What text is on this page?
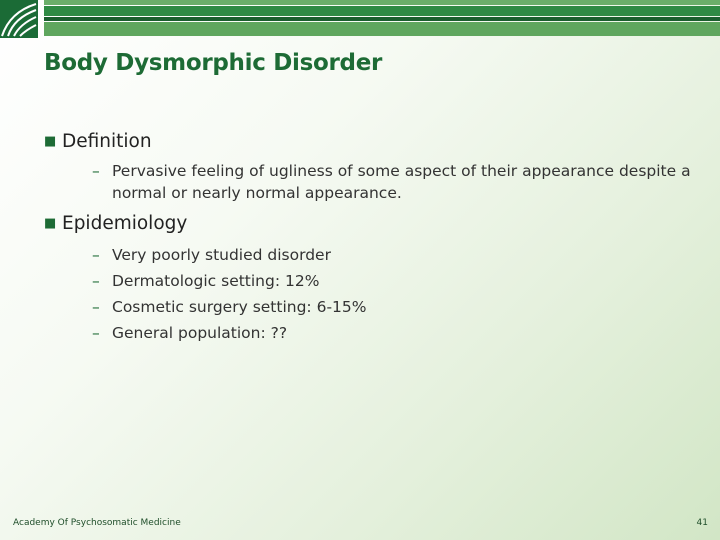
Body Dysmorphic Disorder
■ Definition
– Pervasive feeling of ugliness of some aspect of their appearance despite a normal or nearly normal appearance.
■ Epidemiology
– Very poorly studied disorder
– Dermatologic setting: 12%
– Cosmetic surgery setting: 6-15%
– General population: ??
Academy Of Psychosomatic Medicine	41
